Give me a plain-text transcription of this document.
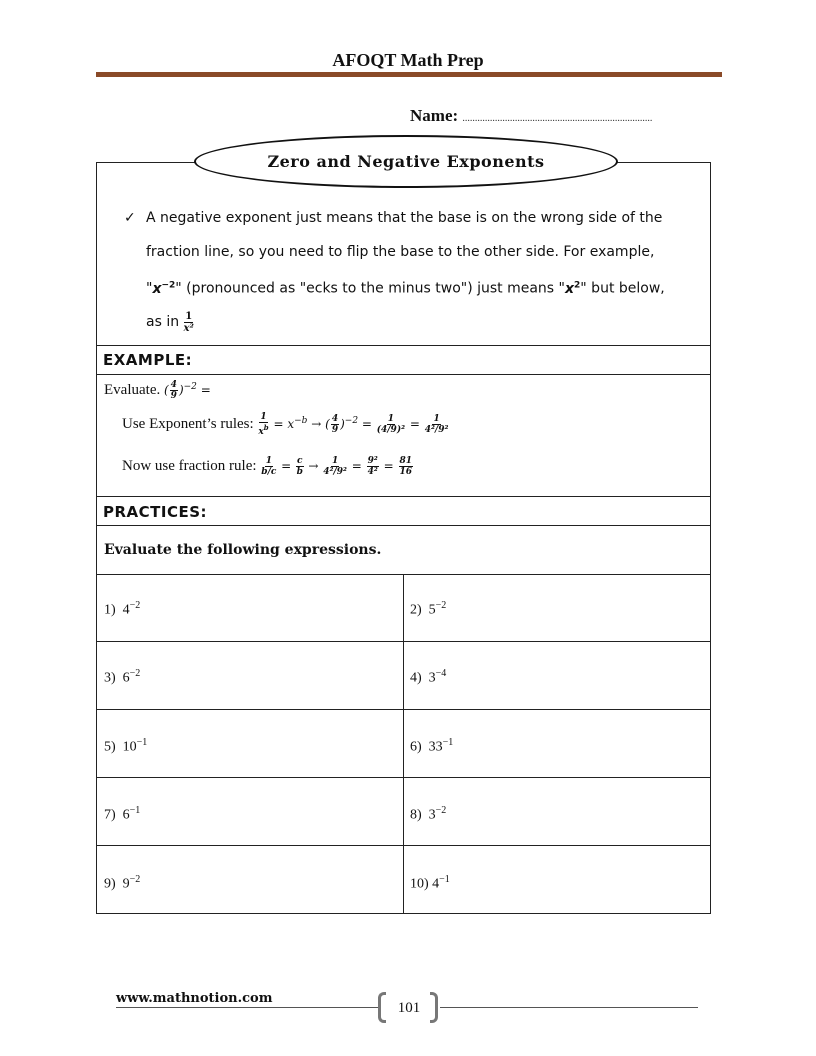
AFOQT Math Prep
Name: ............................................................................
Zero and Negative Exponents
✓ A negative exponent just means that the base is on the wrong side of the
fraction line, so you need to flip the base to the other side. For example,
"$x^{-2}$" (pronounced as "ecks to the minus two") just means "$x^2$" but below,
as in $\frac{1}{\text{x²}}$
EXAMPLE:
Evaluate. ( $\frac{4}{9} )^{-2}$ =
Use Exponent’s rules: $\frac{1}{x^b} = x^{-b}$ → ( $\frac{4}{9} )^{-2} = \frac{1}{\text{(4/9)²}} = \frac{1}{\text{4²/9²}}$
Now use fraction rule: $\frac{1}{b/c} = \frac{c}{b} \to \frac{1}{\text{4²/9²}} = \frac{\text{9²}}{\text{4²}} = \frac{81}{16}$
PRACTICES:
Evaluate the following expressions.
1) $4^{-2}$	2) $5^{-2}$
3) $6^{-2}$	4) $3^{-4}$
5) $10^{-1}$	6) $33^{-1}$
7) $6^{-1}$	8) $3^{-2}$
9) $9^{-2}$	10) $4^{-1}$
www.mathnotion.com
101
